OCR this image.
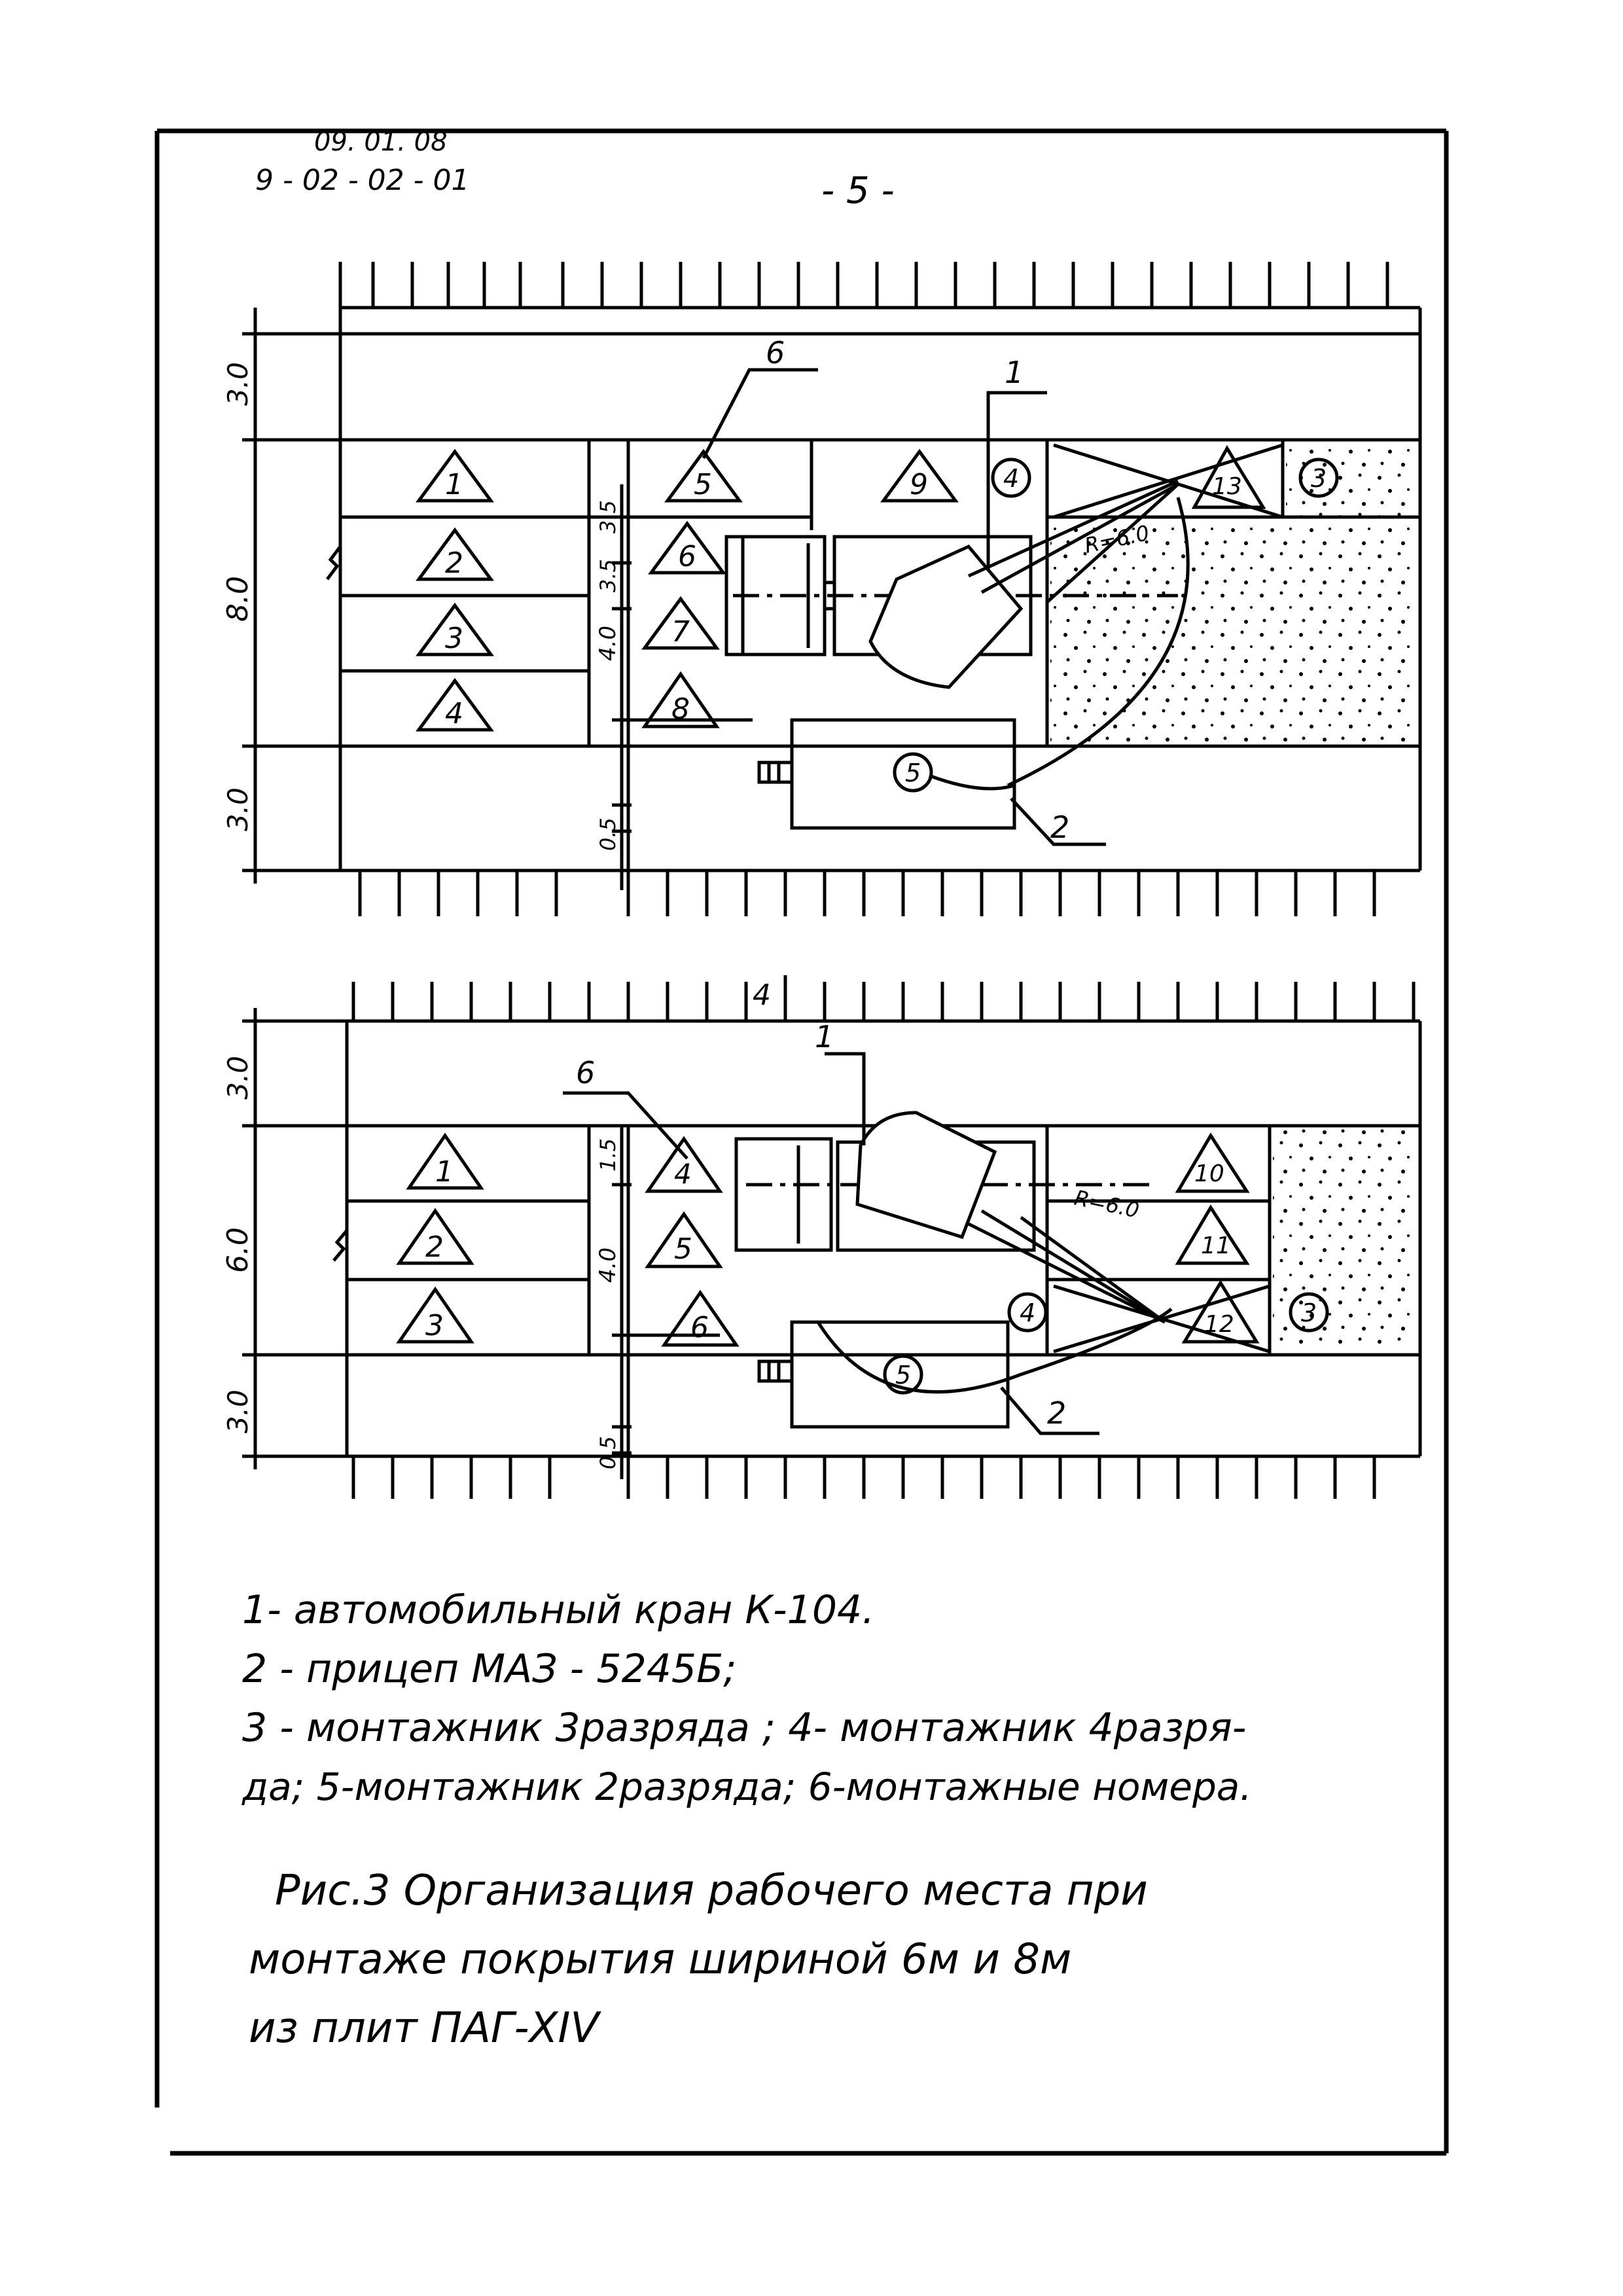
09. 01. 08
9 - 02 - 02 - 01	- 5 -
3.0
8.0
3.0
3.5
3.5
4.0
0.5
1
2
3
4
5
6
7
8
9	4	13	3
R=6.0
5
6
1
2
4
3.0
6.0
3.0
1.5
4.0
0.5
1
2
3
4
5
6
10
11
12
4	3
R=6.0
5
6
1
2
1- автомобильный кран К-104.
2 - прицеп МАЗ - 5245Б;
3 - монтажник 3разряда ; 4- монтажник 4разря-
да; 5-монтажник 2разряда; 6-монтажные номера.
Рис.3 Организация рабочего места при
монтаже покрытия шириной 6м и 8м
из плит ПАГ-XIV
